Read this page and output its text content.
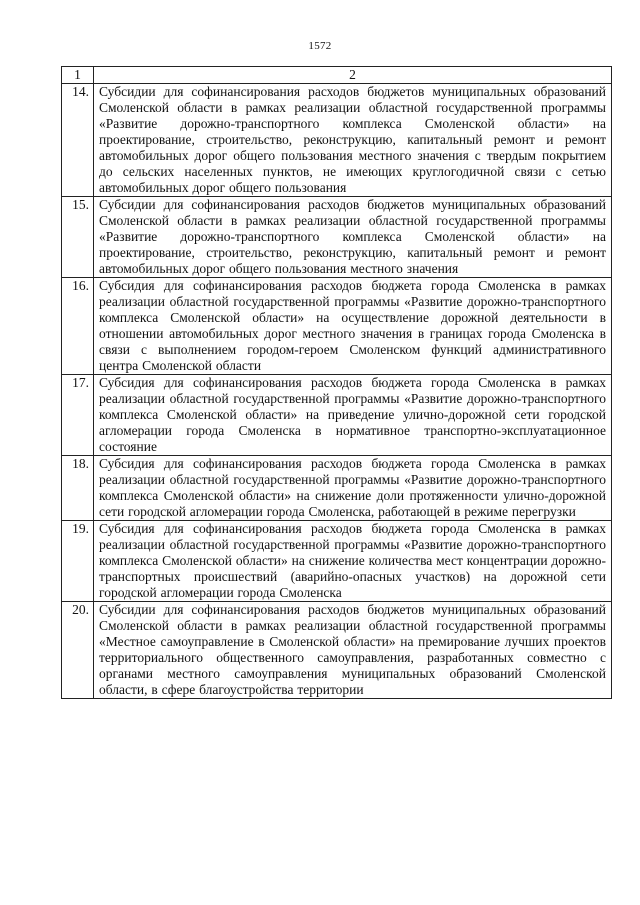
1572
1	2
14.	Субсидии для софинансирования расходов бюджетов муниципальных образований Смоленской области в рамках реализации областной государственной программы «Развитие дорожно-транспортного комплекса Смоленской области» на проектирование, строительство, реконструкцию, капитальный ремонт и ремонт автомобильных дорог общего пользования местного значения с твердым покрытием до сельских населенных пунктов, не имеющих круглогодичной связи с сетью автомобильных дорог общего пользования
15.	Субсидии для софинансирования расходов бюджетов муниципальных образований Смоленской области в рамках реализации областной государственной программы «Развитие дорожно-транспортного комплекса Смоленской области» на проектирование, строительство, реконструкцию, капитальный ремонт и ремонт автомобильных дорог общего пользования местного значения
16.	Субсидия для софинансирования расходов бюджета города Смоленска в рамках реализации областной государственной программы «Развитие дорожно-транспортного комплекса Смоленской области» на осуществление дорожной деятельности в отношении автомобильных дорог местного значения в границах города Смоленска в связи с выполнением городом-героем Смоленском функций административного центра Смоленской области
17.	Субсидия для софинансирования расходов бюджета города Смоленска в рамках реализации областной государственной программы «Развитие дорожно-транспортного комплекса Смоленской области» на приведение улично-дорожной сети городской агломерации города Смоленска в нормативное транспортно-эксплуатационное состояние
18.	Субсидия для софинансирования расходов бюджета города Смоленска в рамках реализации областной государственной программы «Развитие дорожно-транспортного комплекса Смоленской области» на снижение доли протяженности улично-дорожной сети городской агломерации города Смоленска, работающей в режиме перегрузки
19.	Субсидия для софинансирования расходов бюджета города Смоленска в рамках реализации областной государственной программы «Развитие дорожно-транспортного комплекса Смоленской области» на снижение количества мест концентрации дорожно-транспортных происшествий (аварийно-опасных участков) на дорожной сети городской агломерации города Смоленска
20.	Субсидии для софинансирования расходов бюджетов муниципальных образований Смоленской области в рамках реализации областной государственной программы «Местное самоуправление в Смоленской области» на премирование лучших проектов территориального общественного самоуправления, разработанных совместно с органами местного самоуправления муниципальных образований Смоленской области, в сфере благоустройства территории
